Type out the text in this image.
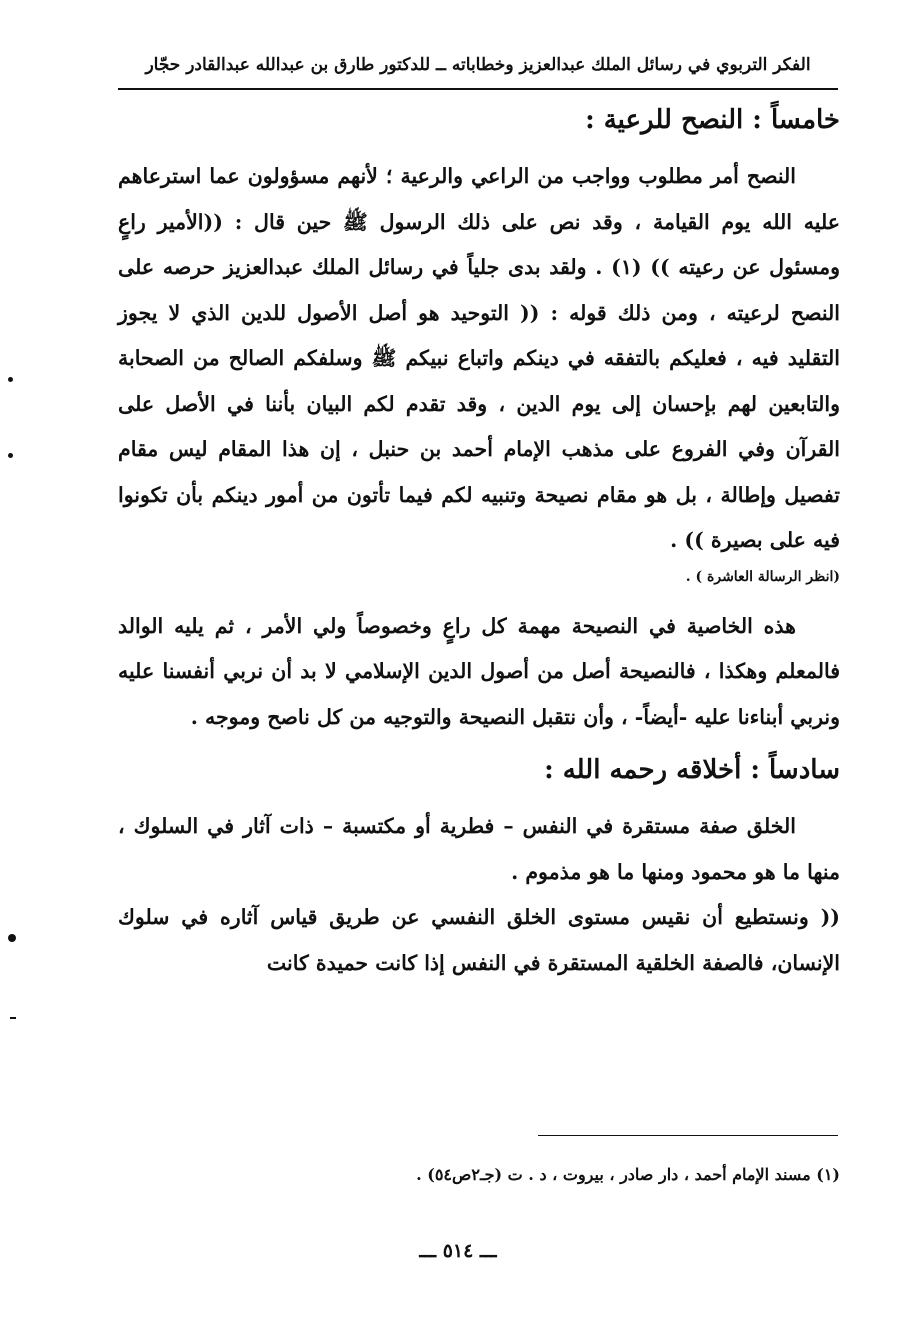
الفكر التربوي في رسائل الملك عبدالعزيز وخطاباته ــ للدكتور طارق بن عبدالله عبدالقادر حجّار
خامساً : النصح للرعية :

النصح أمر مطلوب وواجب من الراعي والرعية ؛ لأنهم مسؤولون عما استرعاهم عليه الله يوم القيامة ، وقد نص على ذلك الرسول ﷺ حين قال : ((الأمير راعٍ ومسئول عن رعيته )) (١) . ولقد بدى جلياً في رسائل الملك عبدالعزيز حرصه على النصح لرعيته ، ومن ذلك قوله : (( التوحيد هو أصل الأصول للدين الذي لا يجوز التقليد فيه ، فعليكم بالتفقه في دينكم واتباع نبيكم ﷺ وسلفكم الصالح من الصحابة والتابعين لهم بإحسان إلى يوم الدين ، وقد تقدم لكم البيان بأننا في الأصل على القرآن وفي الفروع على مذهب الإمام أحمد بن حنبل ، إن هذا المقام ليس مقام تفصيل وإطالة ، بل هو مقام نصيحة وتنبيه لكم فيما تأتون من أمور دينكم بأن تكونوا فيه على بصيرة )) .

(انظر الرسالة العاشرة ) .

هذه الخاصية في النصيحة مهمة كل راعٍ وخصوصاً ولي الأمر ، ثم يليه الوالد فالمعلم وهكذا ، فالنصيحة أصل من أصول الدين الإسلامي لا بد أن نربي أنفسنا عليه ونربي أبناءنا عليه -أيضاً- ، وأن نتقبل النصيحة والتوجيه من كل ناصح وموجه .

سادساً : أخلاقه رحمه الله :

الخلق صفة مستقرة في النفس – فطرية أو مكتسبة – ذات آثار في السلوك ، منها ما هو محمود ومنها ما هو مذموم .

(( ونستطيع أن نقيس مستوى الخلق النفسي عن طريق قياس آثاره في سلوك الإنسان، فالصفة الخلقية المستقرة في النفس إذا كانت حميدة كانت

(١) مسند الإمام أحمد ، دار صادر ، بيروت ، د . ت (جـ٢ص٥٤) .
ـــ ٥١٤ ـــ
